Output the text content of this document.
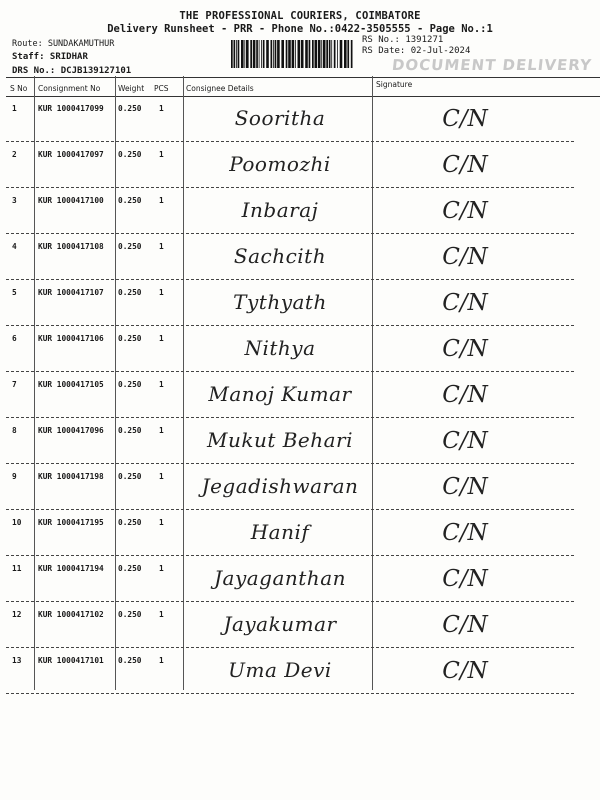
THE PROFESSIONAL COURIERS, COIMBATORE
Delivery Runsheet - PRR - Phone No.:0422-3505555 - Page No.:1
Route: SUNDAKAMUTHUR
Staff: SRIDHAR
DRS No.: DCJB139127101
RS No.: 1391271
RS Date: 02-Jul-2024
DOCUMENT DELIVERY
S No Consignment No Weight PCS Consignee Details	Signature
1	KUR 1000417099 0.250 1	Sooritha	C/N
2	KUR 1000417097 0.250 1	Poomozhi	C/N
3	KUR 1000417100 0.250 1	Inbaraj	C/N
4	KUR 1000417108 0.250 1	Sachcith	C/N
5	KUR 1000417107 0.250 1	Tythyath	C/N
6	KUR 1000417106 0.250 1	Nithya	C/N
7	KUR 1000417105 0.250 1	Manoj Kumar	C/N
8	KUR 1000417096 0.250 1	Mukut Behari	C/N
9	KUR 1000417198 0.250 1 Jegadishwaran	C/N
10 KUR 1000417195 0.250 1	Hanif	C/N
11 KUR 1000417194 0.250 1	Jayaganthan	C/N
12 KUR 1000417102 0.250 1	Jayakumar	C/N
13 KUR 1000417101 0.250 1	Uma Devi	C/N
